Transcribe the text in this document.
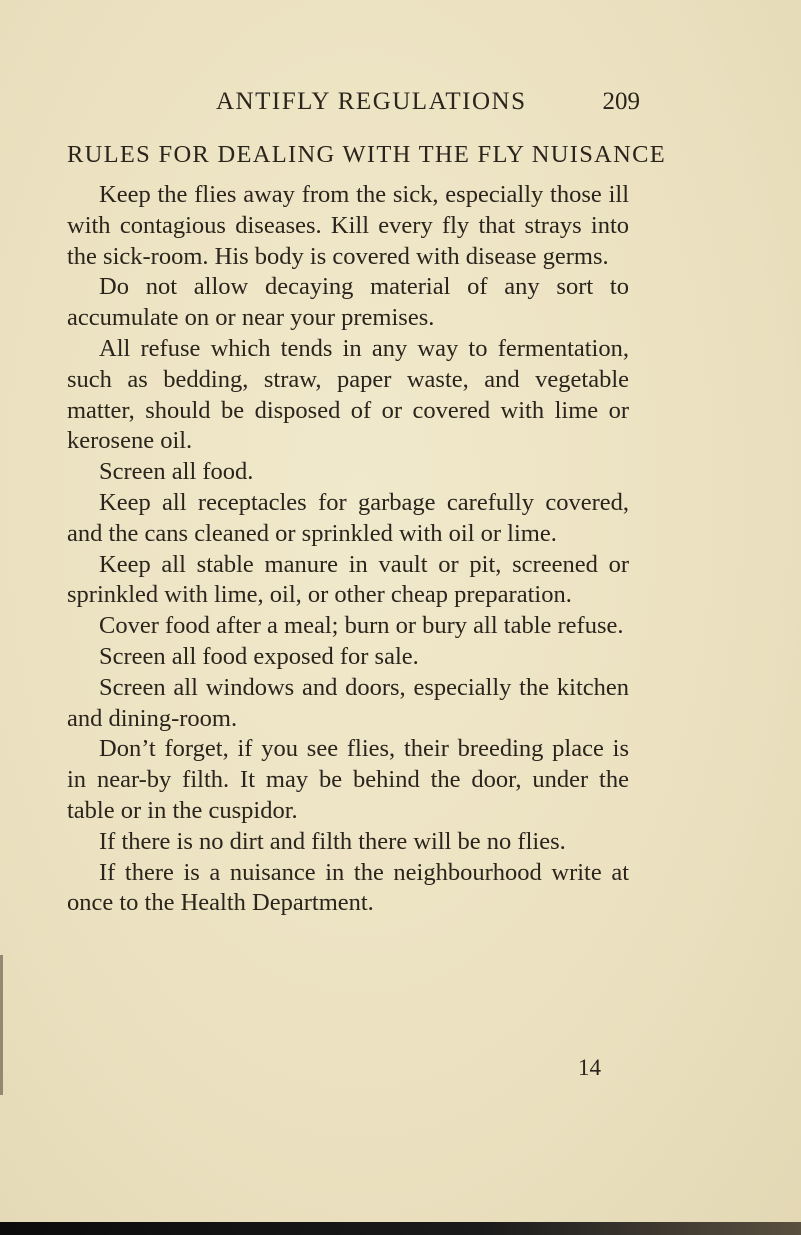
ANTIFLY REGULATIONS	209
RULES FOR DEALING WITH THE FLY NUISANCE

Keep the flies away from the sick, especially those ill with contagious diseases. Kill every fly that strays into the sick-room. His body is covered with disease germs.

Do not allow decaying material of any sort to accumulate on or near your premises.

All refuse which tends in any way to fermentation, such as bedding, straw, paper waste, and vegetable matter, should be disposed of or covered with lime or kerosene oil.

Screen all food.

Keep all receptacles for garbage carefully covered, and the cans cleaned or sprinkled with oil or lime.

Keep all stable manure in vault or pit, screened or sprinkled with lime, oil, or other cheap preparation.

Cover food after a meal; burn or bury all table refuse.

Screen all food exposed for sale.

Screen all windows and doors, especially the kitchen and dining-room.

Don’t forget, if you see flies, their breeding place is in near-by filth. It may be behind the door, under the table or in the cuspidor.

If there is no dirt and filth there will be no flies.

If there is a nuisance in the neighbourhood write at once to the Health Department.

14
